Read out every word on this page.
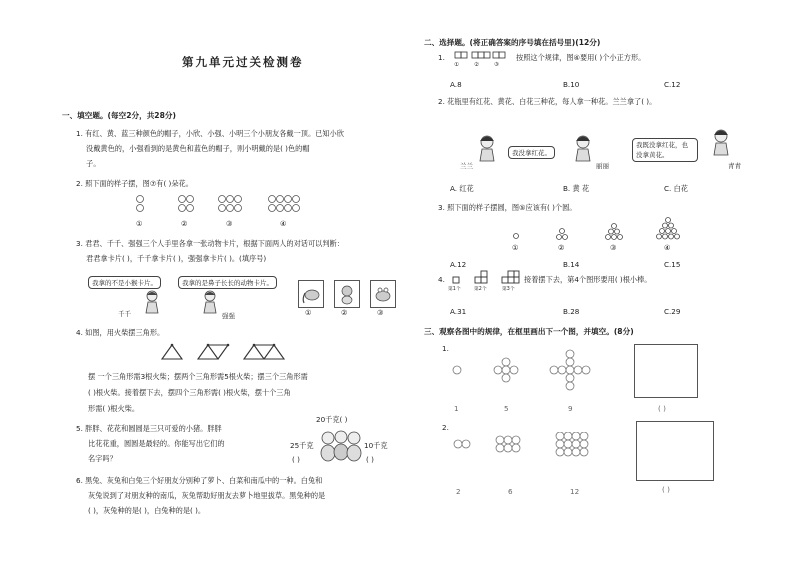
第九单元过关检测卷
一、填空题。(每空2分，共28分)
1. 有红、黄、蓝三种颜色的帽子，小欣、小强、小明三个小朋友各戴一顶。已知小欣
没戴黄色的，小强看到的是黄色和蓝色的帽子，则小明戴的是( )色的帽
子。
2. 照下面的样子摆，图⑦有( )朵花。
①	②	③	④
3. 君君、千千、强强三个人手里各拿一张动物卡片，根据下面两人的对话可以判断：
君君拿卡片( )，千千拿卡片( )，强强拿卡片( )。(填序号)
我拿的不是小猴卡片。	我拿的是鼻子长长的动物卡片。
千千	强强	①	②	③
4. 如图，用火柴摆三角形。
摆 一个三角形需3根火柴；摆两个三角形需5根火柴；摆三个三角形需
( )根火柴。接着摆下去，摆四个三角形需( )根火柴，摆十个三角
形需( )根火柴。
5. 胖胖、花花和圆圆是三只可爱的小猪。胖胖
比花花重，圆圆是最轻的。你能写出它们的
名字吗？
20千克( )
25千克	10千克
( )	( )
6. 黑兔、灰兔和白兔三个好朋友分别种了萝卜、白菜和南瓜中的一种。白兔和
灰兔说到了对朋友种的南瓜，灰兔帮助好朋友去萝卜地里拔草。黑兔种的是
( )，灰兔种的是( )，白兔种的是( )。
二、选择题。(将正确答案的序号填在括号里)(12分)
1.
①	②	③
按照这个规律，图④要用( )个小正方形。
A.8	B.10	C.12
2. 花瓶里有红花、黄花、白花三种花，每人拿一种花。兰兰拿了( )。
我没拿红花。
我既没拿红花，也没拿黄花。
兰兰	丽丽	青青
A. 红花	B. 黄 花	C. 白花
3. 照下面的样子摆圆，图⑤应该有( )个圆。
①	②	③	④
A.12	B.14	C.15
4.
第1个	第2个	第3个
接着摆下去，第4个图形要用( )根小棒。
A.31	B.28	C.29
三、观察各图中的规律，在框里画出下一个图，并填空。(8分)
1.
1	5	9	( )
2.
2	6	12	( )
